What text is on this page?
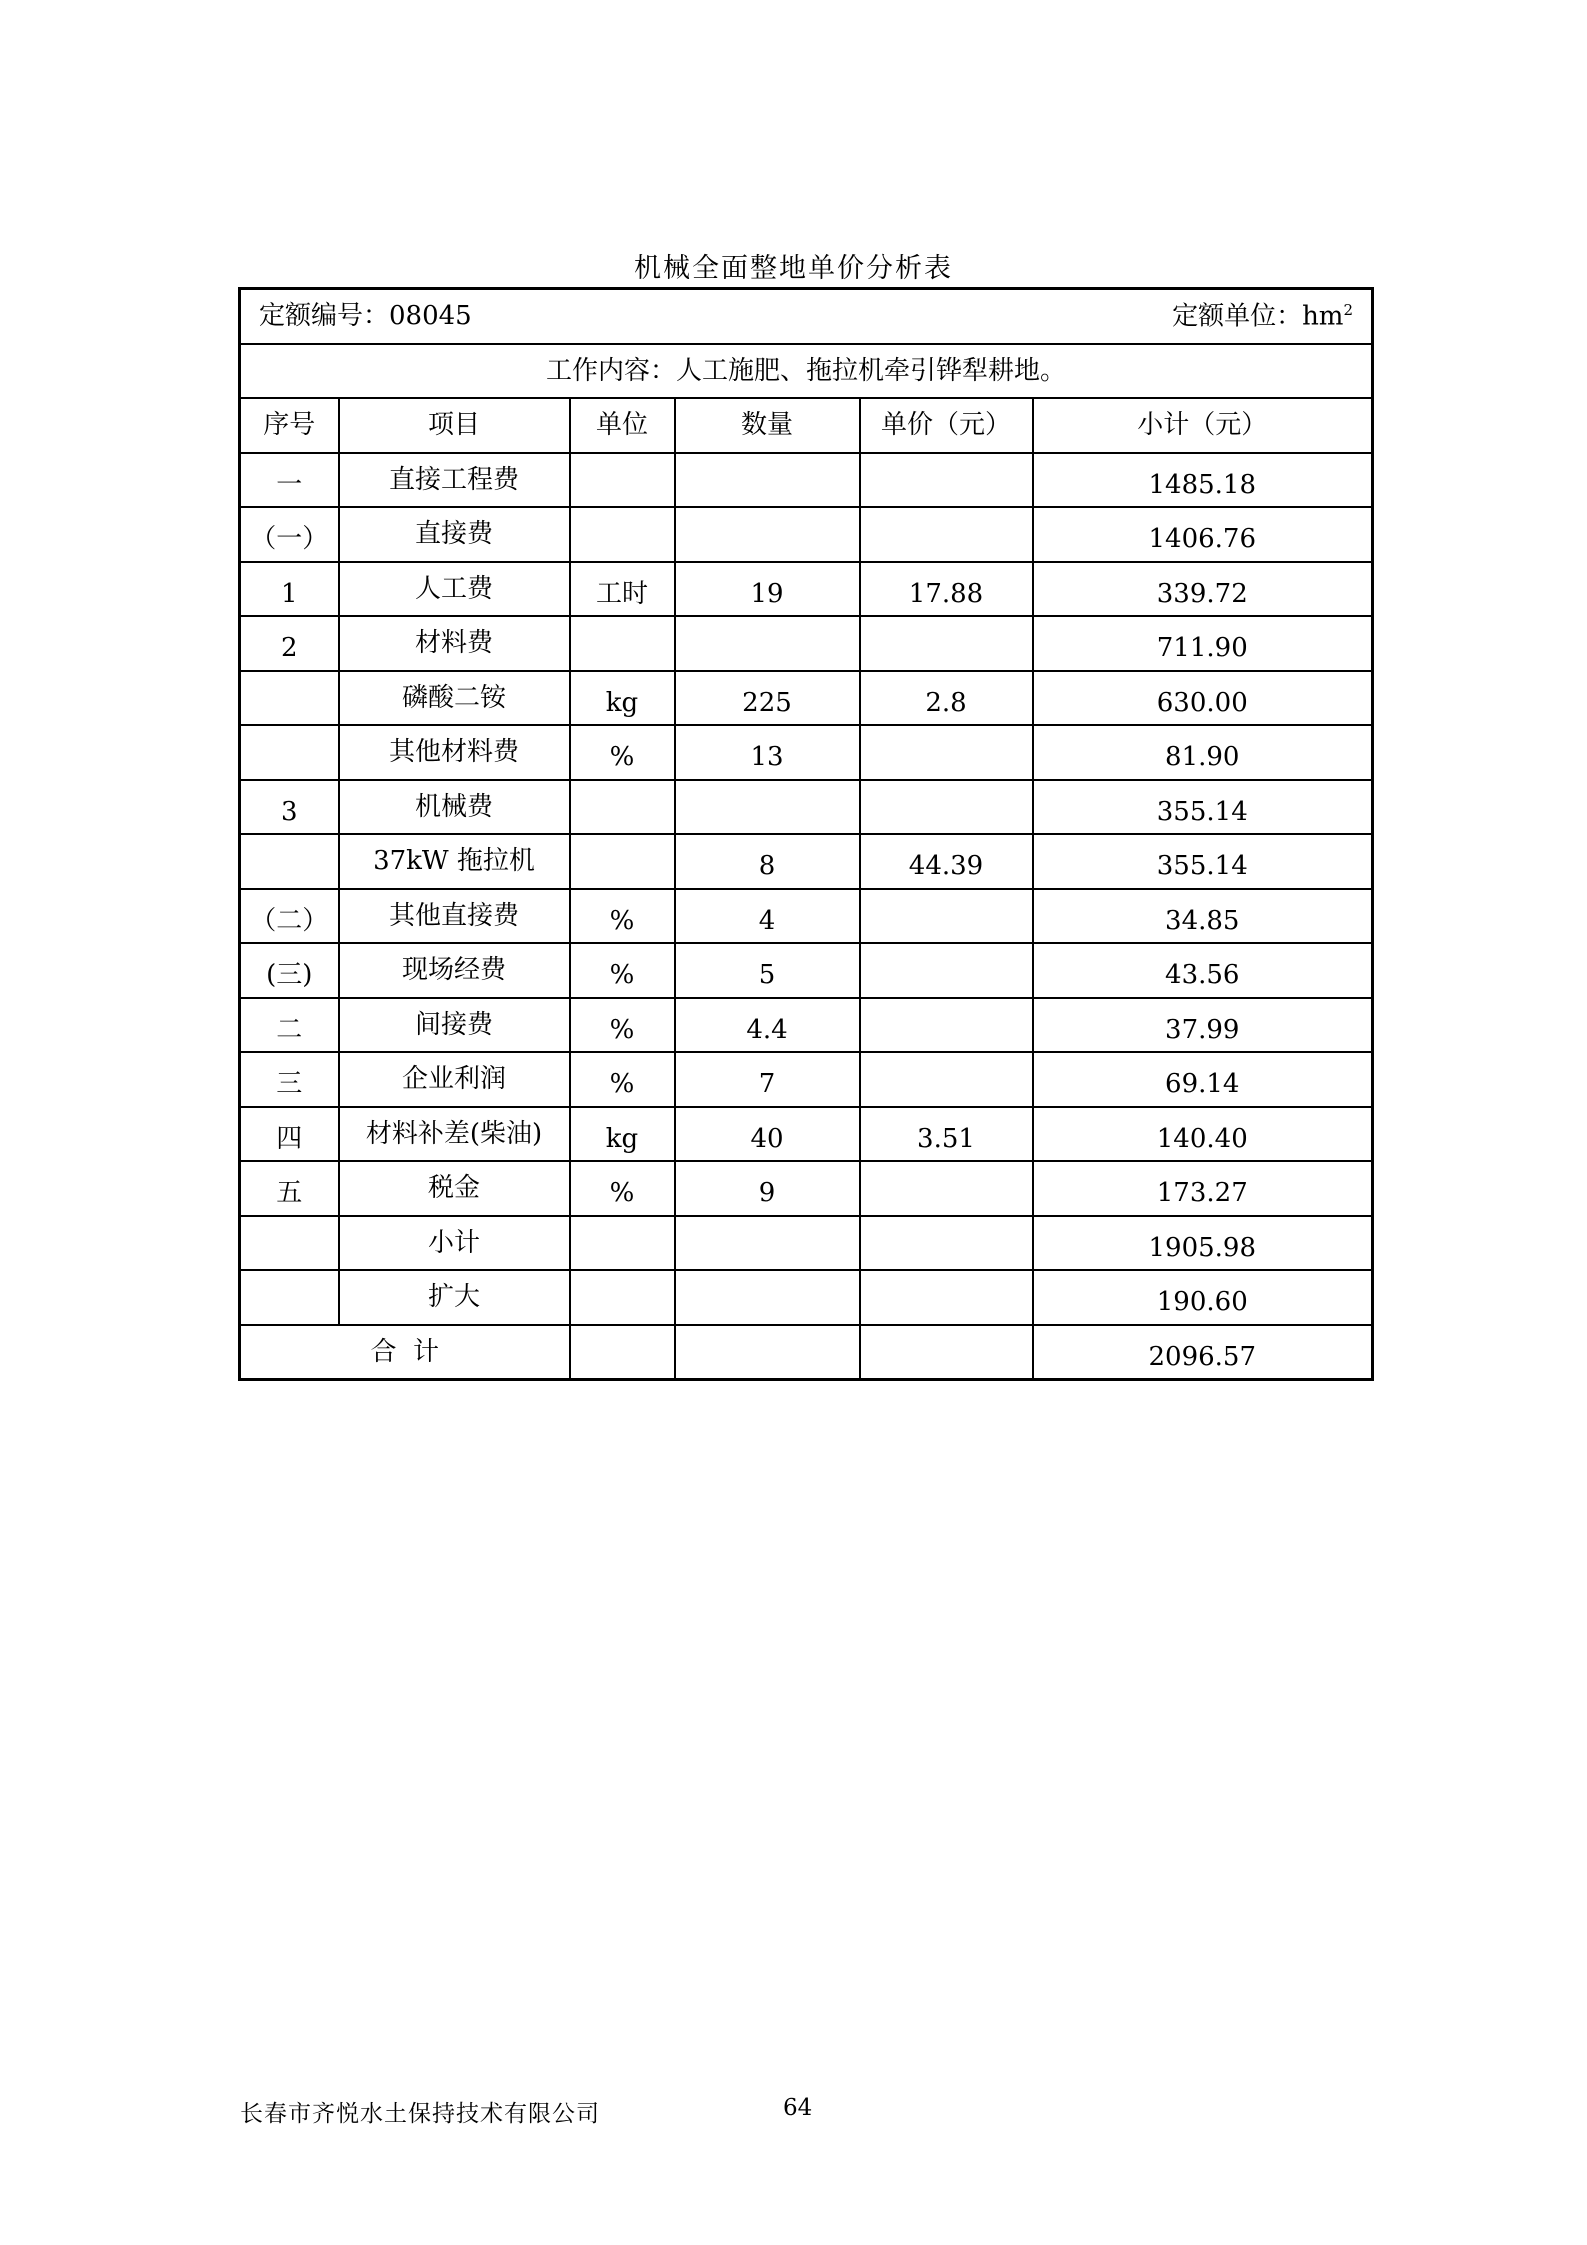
机械全面整地单价分析表
定额编号：08045 定额单位：$hm^2$

工作内容：人工施肥、拖拉机牵引铧犁耕地。					
序号	项目	单位	数量	单价（元）	小计（元）
一	直接工程费				1485.18
（一）	直接费				1406.76
1	人工费	工时	19	17.88	339.72
2	材料费				711.90
	磷酸二铵	kg	225	2.8	630.00
	其他材料费	%	13		81.90
3	机械费				355.14
	37kW 拖拉机		8	44.39	355.14
（二）	其他直接费	%	4		34.85
(三)	现场经费	%	5		43.56
二	间接费	%	4.4		37.99
三	企业利润	%	7		69.14
四	材料补差(柴油)	kg	40	3.51	140.40
五	税金	%	9		173.27
	小计				1905.98
	扩大				190.60
合  计					2096.57
长春市齐悦水土保持技术有限公司	64
